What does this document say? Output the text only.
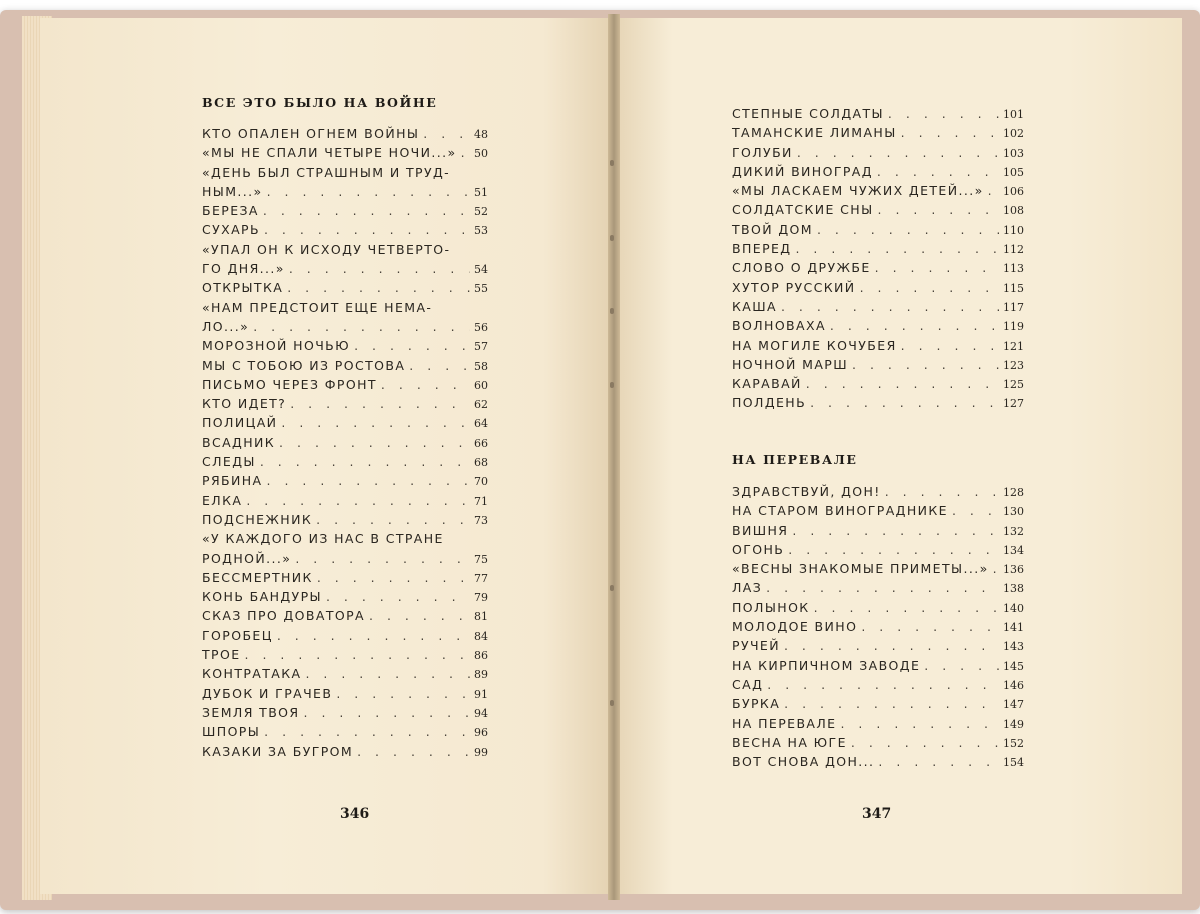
ВСЕ ЭТО БЫЛО НА ВОЙНЕ
КТО ОПАЛЕН ОГНЕМ ВОЙНЫ . . .	48
«МЫ НЕ СПАЛИ ЧЕТЫРЕ НОЧИ...» . . . 50
«ДЕНЬ БЫЛ СТРАШНЫМ И ТРУД-
НЫМ...» . . .	51
БЕРЕЗА . . .	52
СУХАРЬ . . .	53
«УПАЛ ОН К ИСХОДУ ЧЕТВЕРТО-
ГО ДНЯ...» . . .	54
ОТКРЫТКА . . .	55
«НАМ ПРЕДСТОИТ ЕЩЕ НЕМА-
ЛО...» . . .	56
МОРОЗНОЙ НОЧЬЮ . . .	57
МЫ С ТОБОЮ ИЗ РОСТОВА . . .	58
ПИСЬМО ЧЕРЕЗ ФРОНТ . . .	60
КТО ИДЕТ? . . .	62
ПОЛИЦАЙ . . .	64
ВСАДНИК . . .	66
СЛЕДЫ . . .	68
РЯБИНА . . .	70
ЕЛКА . . .	71
ПОДСНЕЖНИК . . .	73
«У КАЖДОГО ИЗ НАС В СТРАНЕ
РОДНОЙ...» . . .	75
БЕССМЕРТНИК . . .	77
КОНЬ БАНДУРЫ . . .	79
СКАЗ ПРО ДОВАТОРА . . .	81
ГОРОБЕЦ . . .	84
ТРОЕ . . .	86
КОНТРАТАКА . . .	89
ДУБОК И ГРАЧЕВ . . .	91
ЗЕМЛЯ ТВОЯ . . .	94
ШПОРЫ . . .	96
КАЗАКИ ЗА БУГРОМ . . .	99
СТЕПНЫЕ СОЛДАТЫ . . .	101
ТАМАНСКИЕ ЛИМАНЫ . . .	102
ГОЛУБИ . . .	103
ДИКИЙ ВИНОГРАД . . .	105
«МЫ ЛАСКАЕМ ЧУЖИХ ДЕТЕЙ...» . . . 106
СОЛДАТСКИЕ СНЫ . . .	108
ТВОЙ ДОМ . . .	110
ВПЕРЕД . . .	112
СЛОВО О ДРУЖБЕ . . .	113
ХУТОР РУССКИЙ . . .	115
КАША . . .	117
ВОЛНОВАХА . . .	119
НА МОГИЛЕ КОЧУБЕЯ . . .	121
НОЧНОЙ МАРШ . . .	123
КАРАВАЙ . . .	125
ПОЛДЕНЬ . . .	127
НА ПЕРЕВАЛЕ
ЗДРАВСТВУЙ, ДОН! . . .	128
НА СТАРОМ ВИНОГРАДНИКЕ . . .	130
ВИШНЯ . . .	132
ОГОНЬ . . .	134
«ВЕСНЫ ЗНАКОМЫЕ ПРИМЕТЫ...» . . . 136
ЛАЗ . . .	138
ПОЛЫНОК . . .	140
МОЛОДОЕ ВИНО . . .	141
РУЧЕЙ . . .	143
НА КИРПИЧНОМ ЗАВОДЕ . . .	145
САД . . .	146
БУРКА . . .	147
НА ПЕРЕВАЛЕ . . .	149
ВЕСНА НА ЮГЕ . . .	152
ВОТ СНОВА ДОН... . . .	154
346	347
